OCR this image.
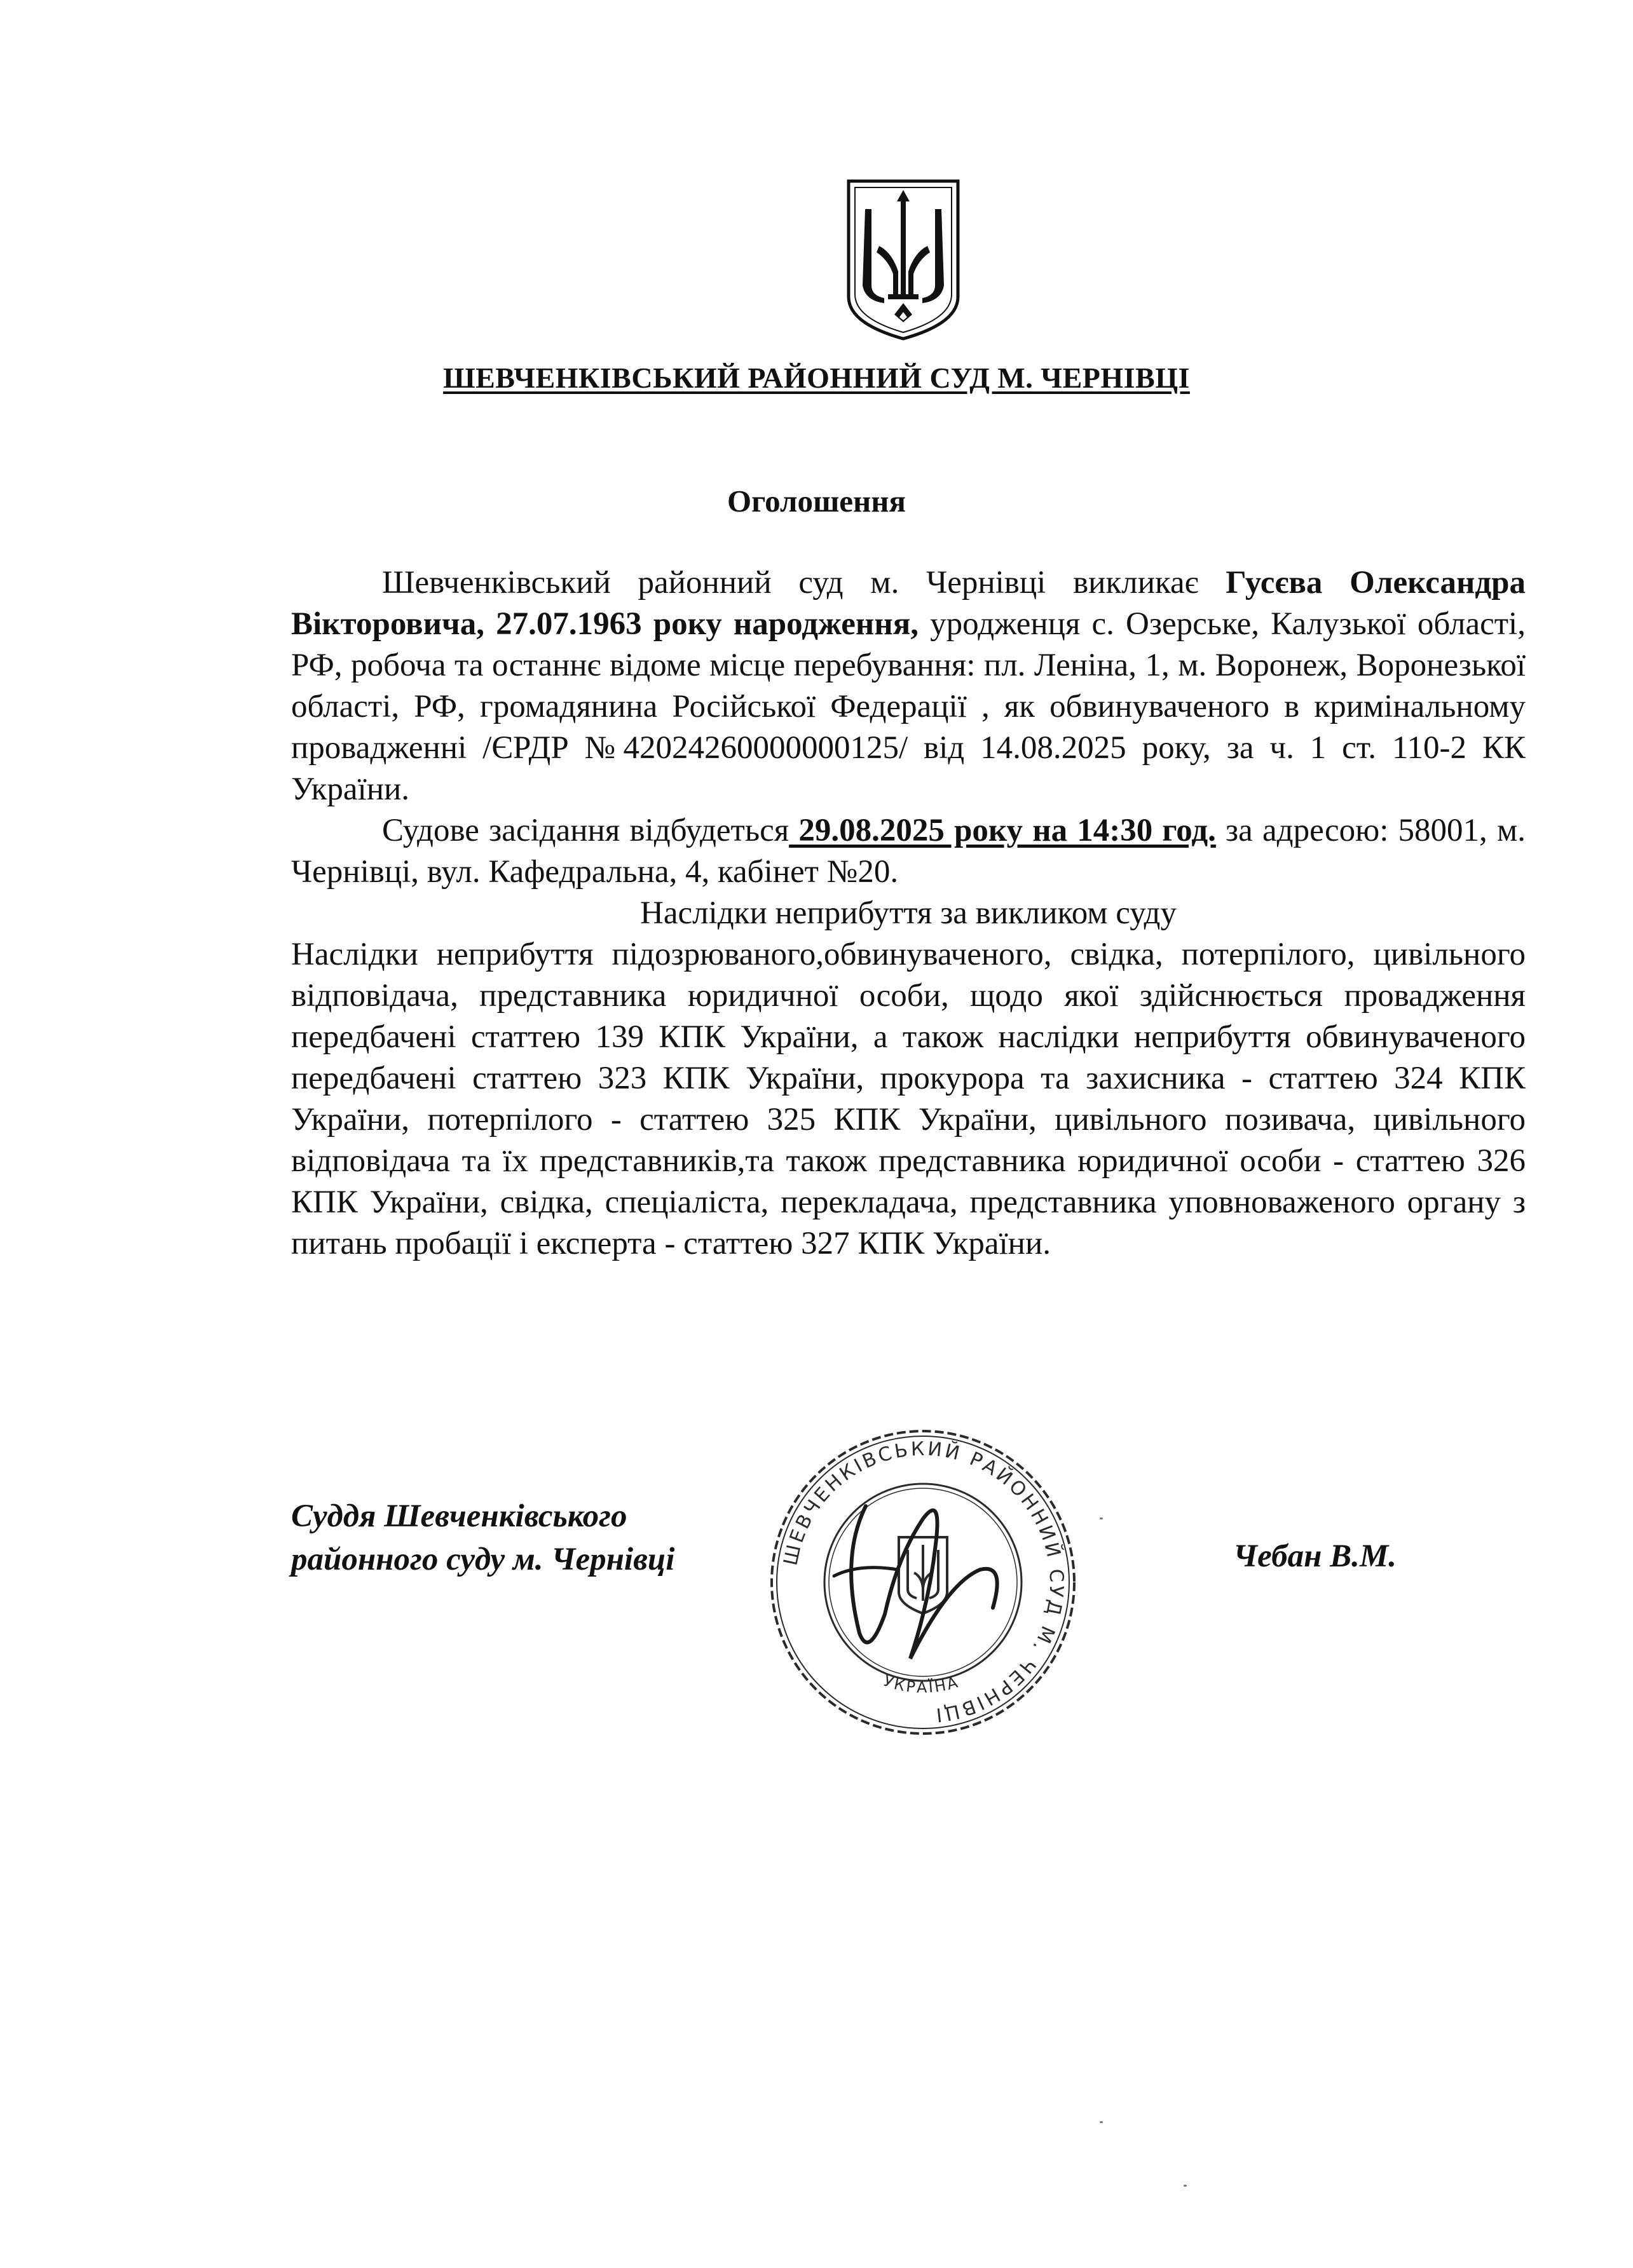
ШЕВЧЕНКІВСЬКИЙ РАЙОННИЙ СУД М. ЧЕРНІВЦІ
Оголошення

Шевченківський районний суд м. Чернівці викликає Гусєва Олександра Вікторовича, 27.07.1963 року народження, уродженця с. Озерське, Калузької області, РФ, робоча та останнє відоме місце перебування: пл. Леніна, 1, м. Воронеж, Воронезької області, РФ, громадянина Російської Федерації , як обвинуваченого в кримінальному провадженні /ЄРДР №42024260000000125/ від 14.08.2025 року, за ч. 1 ст. 110-2 КК України.

Судове засідання відбудеться 29.08.2025 року на 14:30 год. за адресою: 58001, м. Чернівці, вул. Кафедральна, 4, кабінет №20.

Наслідки неприбуття за викликом суду

Наслідки неприбуття підозрюваного,обвинуваченого, свідка, потерпілого, цивільного відповідача, представника юридичної особи, щодо якої здійснюється провадження передбачені статтею 139 КПК України, а також наслідки неприбуття обвинуваченого передбачені статтею 323 КПК України, прокурора та захисника - статтею 324 КПК України, потерпілого - статтею 325 КПК України, цивільного позивача, цивільного відповідача та їх представників,та також представника юридичної особи - статтею 326 КПК України, свідка, спеціаліста, перекладача, представника уповноваженого органу з питань пробації і експерта - статтею 327 КПК України.

Суддя Шевченківського
районного суду м. Чернівці	ШЕВЧЕНКІВСЬКИЙ РАЙОННИЙ СУД М. ЧЕРНІВЦІ
УКРАЇНА
Чебан В.М.
